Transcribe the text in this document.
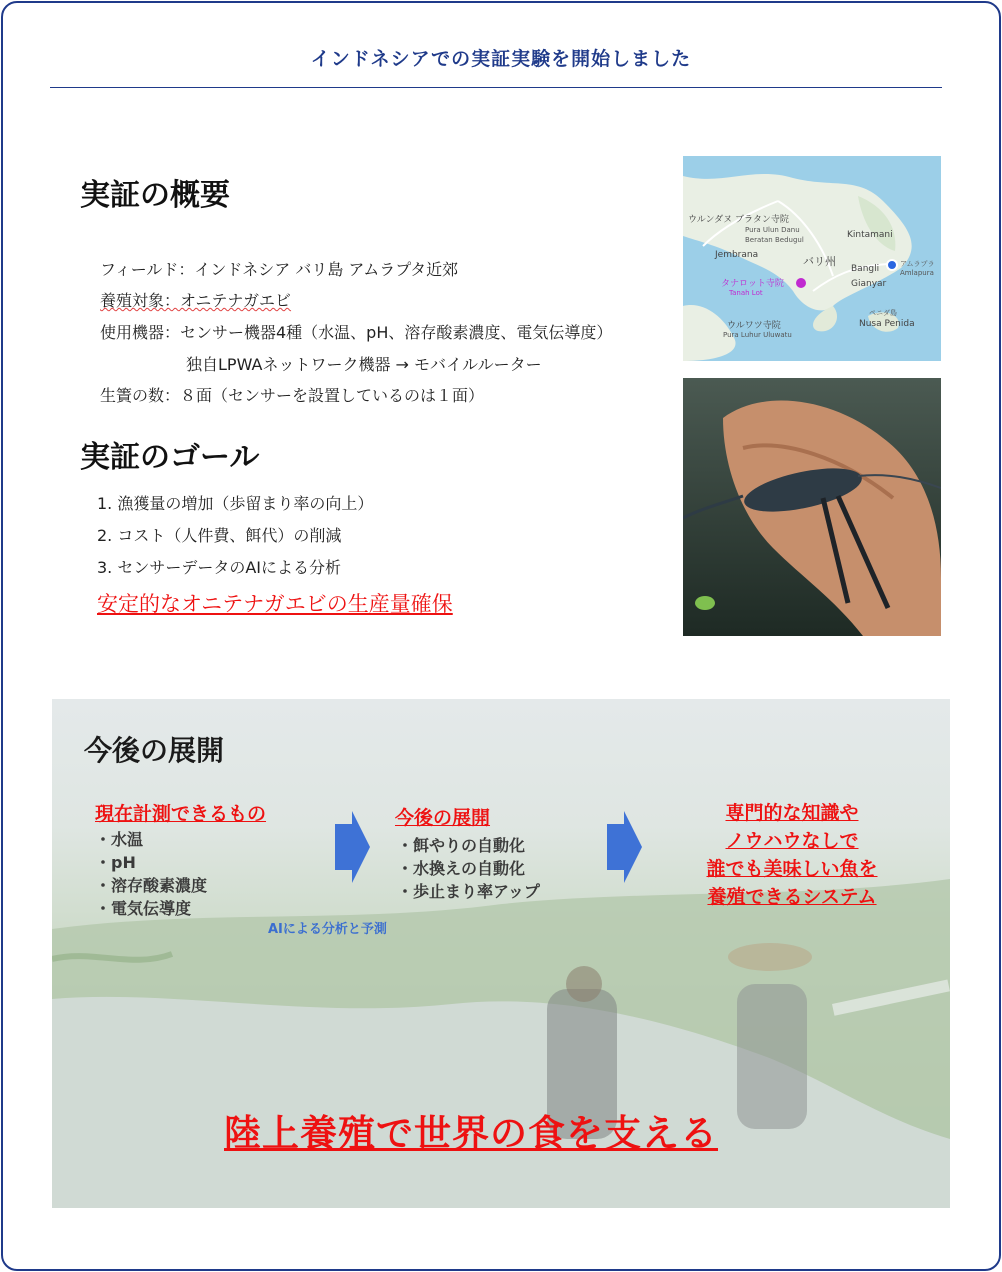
インドネシアでの実証実験を開始しました
実証の概要
フィールド：インドネシア バリ島 アムラプタ近郊
養殖対象：オニテナガエビ
使用機器：センサー機器4種（水温、pH、溶存酸素濃度、電気伝導度）
独自LPWAネットワーク機器 → モバイルルーター
生簀の数：８面（センサーを設置しているのは１面）
実証のゴール
1. 漁獲量の増加（歩留まり率の向上）
2. コスト（人件費、餌代）の削減
3. センサーデータのAIによる分析
安定的なオニテナガエビの生産量確保
ウルンダヌ ブラタン寺院
Pura Ulun Danu
Beratan Bedugul	Kintamani
Jembrana	バリ州	アムラプラ
Amlapura
Bangli
Gianyar
タナロット寺院
Tanah Lot
ペニダ島
Nusa Penida
ウルワツ寺院
Pura Luhur Uluwatu
今後の展開
現在計測できるもの
・水温
・pH
・溶存酸素濃度
・電気伝導度
今後の展開
・餌やりの自動化
・水換えの自動化
・歩止まり率アップ
専門的な知識や
ノウハウなしで
誰でも美味しい魚を
養殖できるシステム
AIによる分析と予測
陸上養殖で世界の食を支える
